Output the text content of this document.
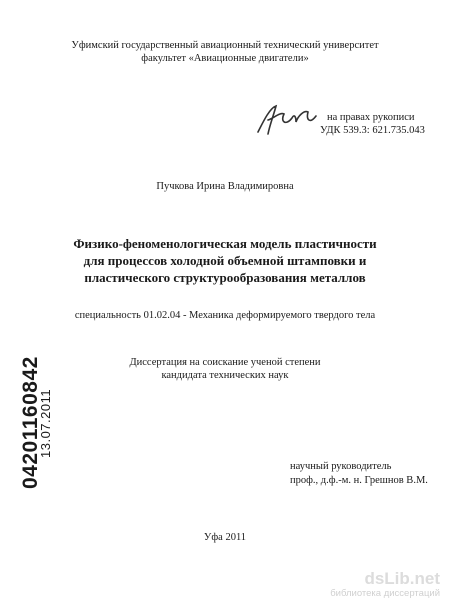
Уфимский государственный авиационный технический университет
факультет «Авиационные двигатели»
на правах рукописи
УДК 539.3: 621.735.043
Пучкова Ирина Владимировна
Физико-феноменологическая модель пластичности
для процессов холодной объемной штамповки и
пластического структурообразования металлов
специальность 01.02.04 - Механика деформируемого твердого тела
Диссертация на соискание ученой степени
кандидата технических наук
научный руководитель
проф., д.ф.-м. н. Грешнов В.М.
Уфа 2011
04201160842
13.07.2011
dsLib.net
библиотека диссертаций
